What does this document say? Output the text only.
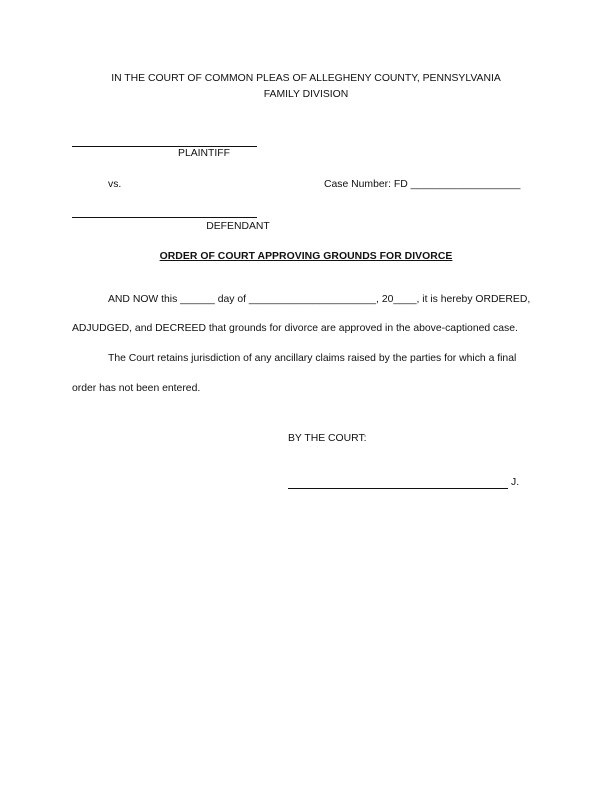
IN THE COURT OF COMMON PLEAS OF ALLEGHENY COUNTY, PENNSYLVANIA
FAMILY DIVISION
PLAINTIFF
vs.	Case Number: FD ___________________
DEFENDANT
ORDER OF COURT APPROVING GROUNDS FOR DIVORCE
AND NOW this ______ day of ______________________, 20____, it is hereby ORDERED,
ADJUDGED, and DECREED that grounds for divorce are approved in the above-captioned case.
The Court retains jurisdiction of any ancillary claims raised by the parties for which a final
order has not been entered.
BY THE COURT:
J.
